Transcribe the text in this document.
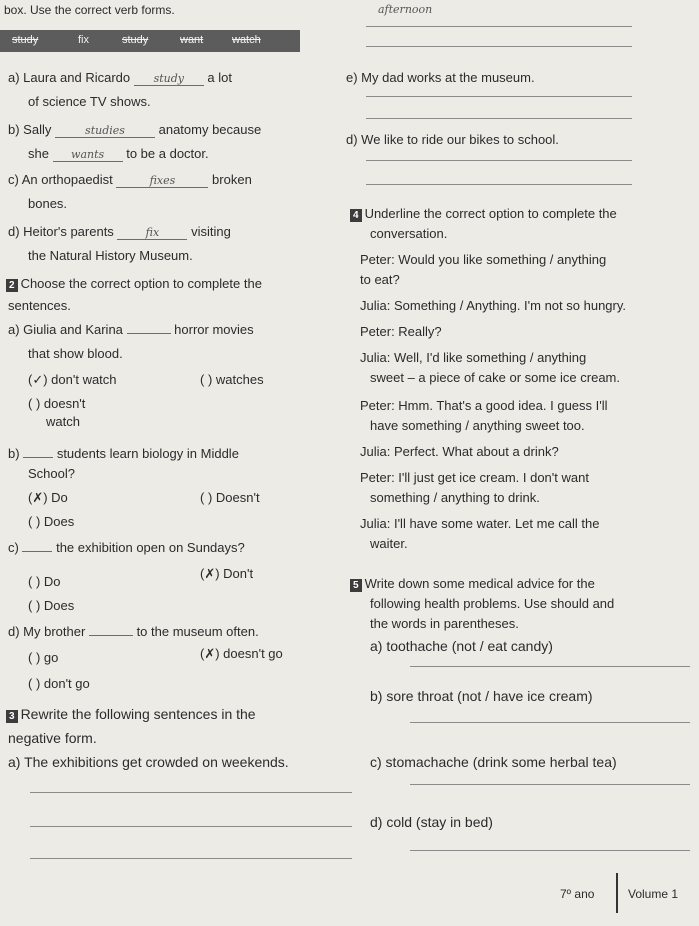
box. Use the correct verb forms.	afternoon
study	fix	study	want	watch
a) Laura and Ricardo study a lot
of science TV shows.
b) Sally	studies	anatomy because
she wants to be a doctor.
c) An orthopaedist	fixes	broken
bones.
d) Heitor's parents	fix visiting
the Natural History Museum.
e) My dad works at the museum.
d) We like to ride our bikes to school.
2 Choose the correct option to complete the
sentences.
a) Giulia and Karina	horror movies
that show blood.
(✓) don't watch	( ) watches
( ) doesn't
watch
b)	students learn biology in Middle
School?
(✗) Do	( ) Doesn't
( ) Does
c)	the exhibition open on Sundays?
( ) Do
(✗) Don't
( ) Does
d) My brother	to the museum often.
( ) go	(✗) doesn't go
( ) don't go
3 Rewrite the following sentences in the
negative form.
a) The exhibitions get crowded on weekends.
4 Underline the correct option to complete the
conversation.
Peter: Would you like something / anything
to eat?
Julia: Something / Anything. I'm not so hungry.
Peter: Really?
Julia: Well, I'd like something / anything
sweet – a piece of cake or some ice cream.
Peter: Hmm. That's a good idea. I guess I'll
have something / anything sweet too.
Julia: Perfect. What about a drink?
Peter: I'll just get ice cream. I don't want
something / anything to drink.
Julia: I'll have some water. Let me call the
waiter.
5 Write down some medical advice for the
following health problems. Use should and
the words in parentheses.
a) toothache (not / eat candy)
b) sore throat (not / have ice cream)
c) stomachache (drink some herbal tea)
d) cold (stay in bed)
7º ano	Volume 1
